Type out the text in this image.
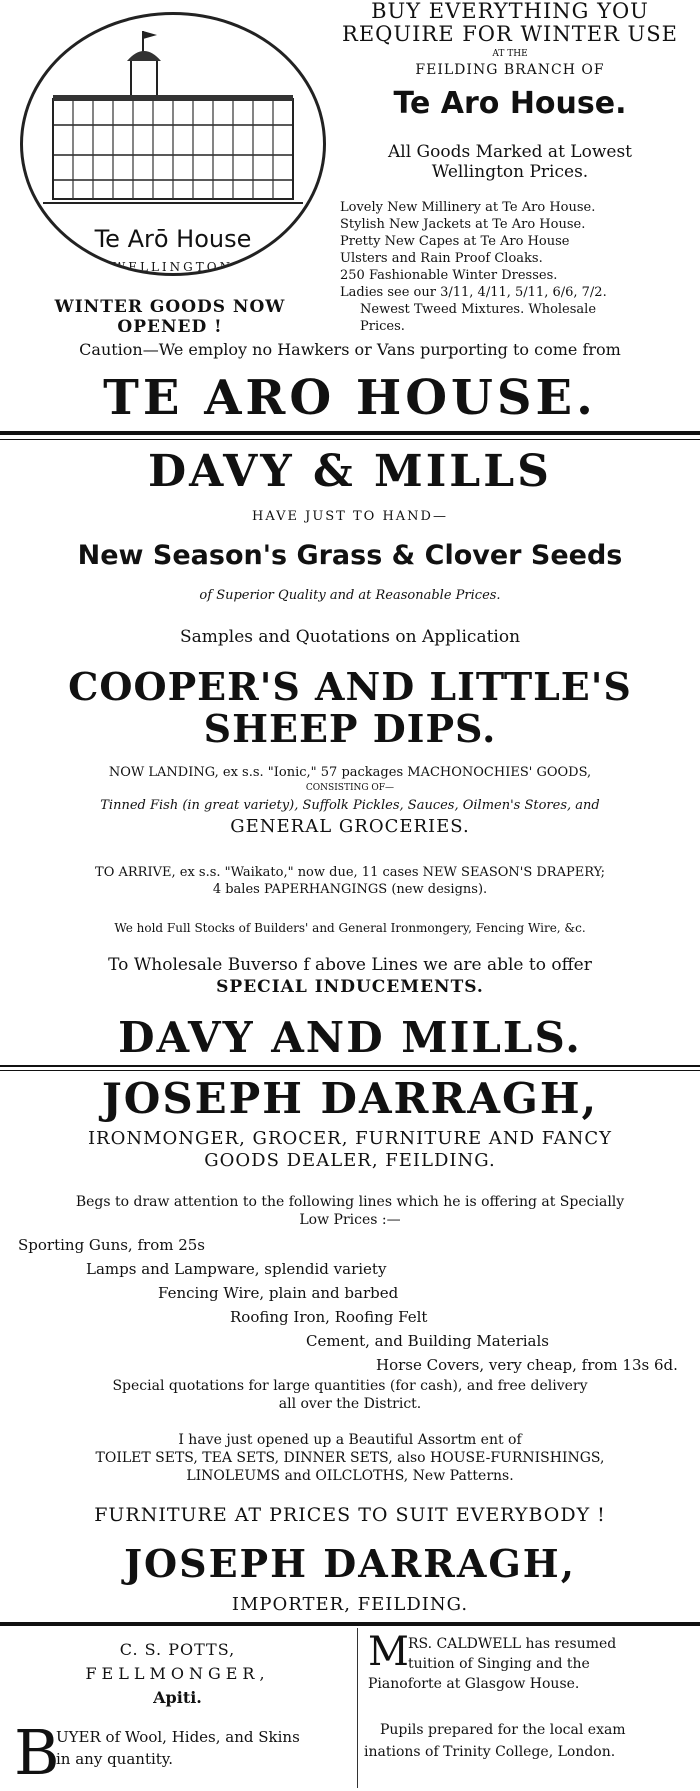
Te Arō House
WELLINGTON
BUY EVERYTHING YOU
REQUIRE FOR WINTER USE
AT THE
FEILDING BRANCH OF
Te Aro House.
All Goods Marked at Lowest
Wellington Prices.
Lovely New Millinery at Te Aro House.
Stylish New Jackets at Te Aro House.
Pretty New Capes at Te Aro House
Ulsters and Rain Proof Cloaks.
250 Fashionable Winter Dresses.
Ladies see our 3/11, 4/11, 5/11, 6/6, 7/2.
Newest Tweed Mixtures. Wholesale
Prices.
WINTER GOODS NOW
OPENED !
Caution—We employ no Hawkers or Vans purporting to come from
TE ARO HOUSE.
DAVY & MILLS
HAVE JUST TO HAND—
New Season's Grass & Clover Seeds
of Superior Quality and at Reasonable Prices.
Samples and Quotations on Application
COOPER'S AND LITTLE'S
SHEEP DIPS.
NOW LANDING, ex s.s. "Ionic," 57 packages MACHONOCHIES' GOODS,
CONSISTING OF—
Tinned Fish (in great variety), Suffolk Pickles, Sauces, Oilmen's Stores, and
GENERAL GROCERIES.
TO ARRIVE, ex s.s. "Waikato," now due, 11 cases NEW SEASON'S DRAPERY;
4 bales PAPERHANGINGS (new designs).
We hold Full Stocks of Builders' and General Ironmongery, Fencing Wire, &c.
To Wholesale Buverso f above Lines we are able to offer
SPECIAL INDUCEMENTS.
DAVY AND MILLS.
JOSEPH DARRAGH,
IRONMONGER, GROCER, FURNITURE AND FANCY
GOODS DEALER, FEILDING.
Begs to draw attention to the following lines which he is offering at Specially
Low Prices :—
Sporting Guns, from 25s
Lamps and Lampware, splendid variety
Fencing Wire, plain and barbed
Roofing Iron, Roofing Felt
Cement, and Building Materials
Horse Covers, very cheap, from 13s 6d.
Special quotations for large quantities (for cash), and free delivery
all over the District.
I have just opened up a Beautiful Assortm ent of
TOILET SETS, TEA SETS, DINNER SETS, also HOUSE-FURNISHINGS,
LINOLEUMS and OILCLOTHS, New Patterns.
FURNITURE AT PRICES TO SUIT EVERYBODY !
JOSEPH DARRAGH,
IMPORTER, FEILDING.
C. S. POTTS,
FELLMONGER,
Apiti.
B
UYER of Wool, Hides, and Skins
in any quantity.
M RS. CALDWELL has resumed
tuition of Singing and the
Pianoforte at Glasgow House.
Pupils prepared for the local exam
inations of Trinity College, London.
